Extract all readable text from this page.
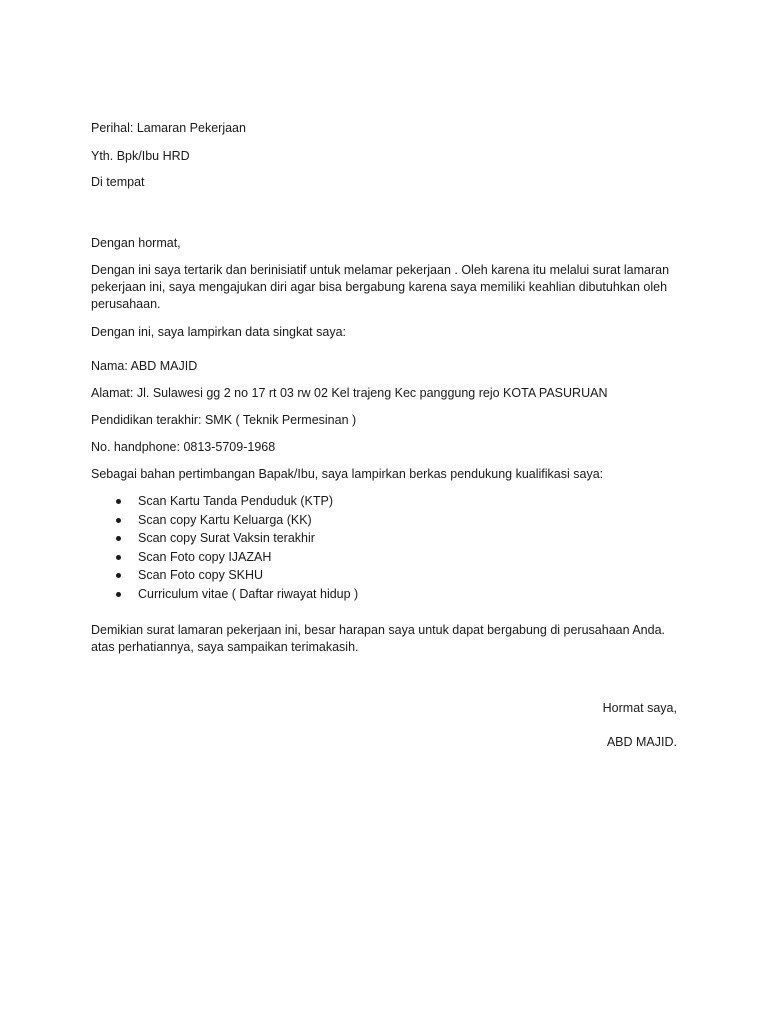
Perihal: Lamaran Pekerjaan
Yth. Bpk/Ibu HRD
Di tempat
Dengan hormat,
Dengan ini saya tertarik dan berinisiatif untuk melamar pekerjaan . Oleh karena itu melalui surat lamaran pekerjaan ini, saya mengajukan diri agar bisa bergabung karena saya memiliki keahlian dibutuhkan oleh perusahaan.
Dengan ini, saya lampirkan data singkat saya:
Nama: ABD MAJID
Alamat: Jl. Sulawesi gg 2 no 17 rt 03 rw 02 Kel trajeng Kec panggung rejo KOTA PASURUAN
Pendidikan terakhir: SMK ( Teknik Permesinan )
No. handphone: 0813-5709-1968
Sebagai bahan pertimbangan Bapak/Ibu, saya lampirkan berkas pendukung kualifikasi saya:
Scan Kartu Tanda Penduduk (KTP)
Scan copy Kartu Keluarga (KK)
Scan copy Surat Vaksin terakhir
Scan Foto copy IJAZAH
Scan Foto copy SKHU
Curriculum vitae ( Daftar riwayat hidup )
Demikian surat lamaran pekerjaan ini, besar harapan saya untuk dapat bergabung di perusahaan Anda. atas perhatiannya, saya sampaikan terimakasih.
Hormat saya,
ABD MAJID.
